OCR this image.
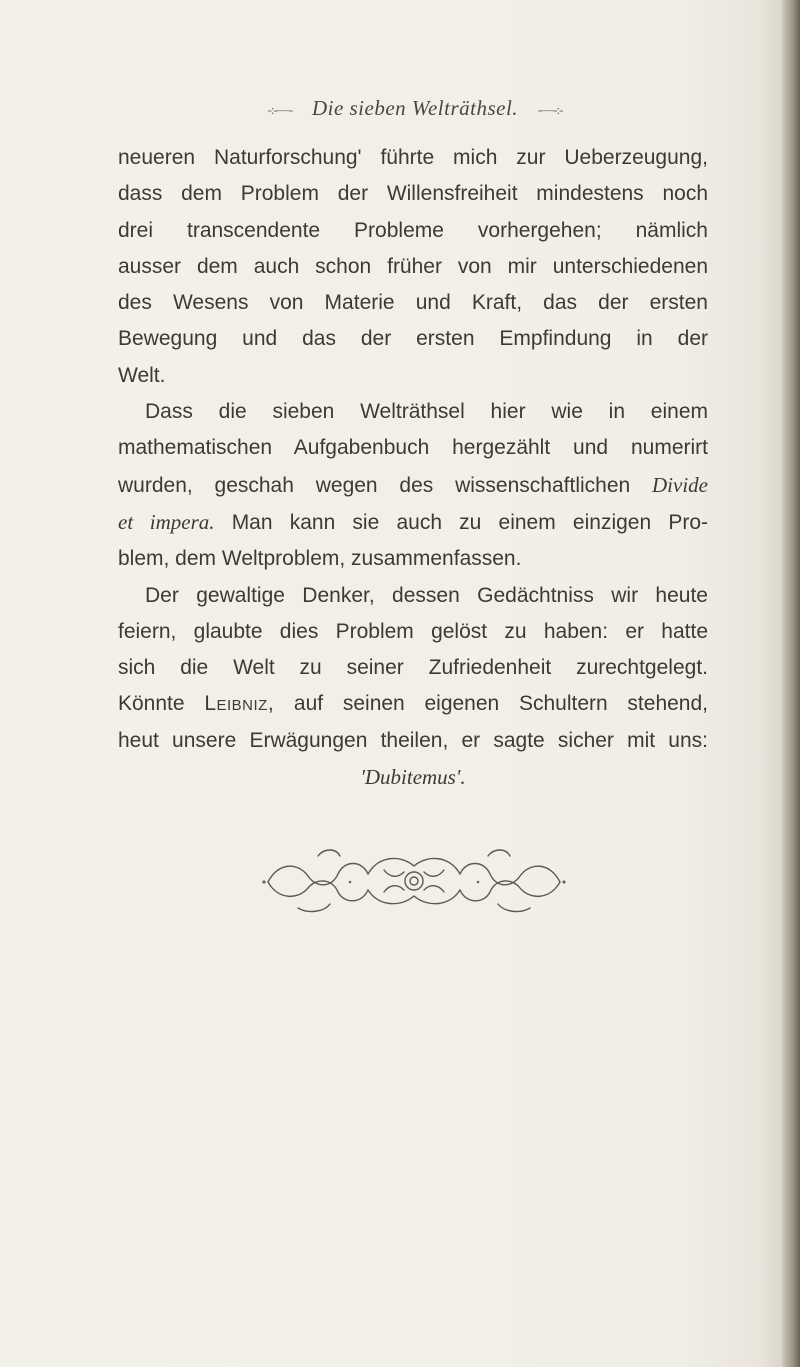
-:-—- Die sieben Welträthsel. -—-:-
neueren Naturforschung' führte mich zur Ueberzeugung,
dass dem Problem der Willensfreiheit mindestens noch
drei transcendente Probleme vorhergehen; nämlich
ausser dem auch schon früher von mir unterschiedenen
des Wesens von Materie und Kraft, das der ersten
Bewegung und das der ersten Empfindung in der
Welt.
Dass die sieben Welträthsel hier wie in einem
mathematischen Aufgabenbuch hergezählt und numerirt
wurden, geschah wegen des wissenschaftlichen Divide
et impera. Man kann sie auch zu einem einzigen Pro-
blem, dem Weltproblem, zusammenfassen.
Der gewaltige Denker, dessen Gedächtniss wir heute
feiern, glaubte dies Problem gelöst zu haben: er hatte
sich die Welt zu seiner Zufriedenheit zurechtgelegt.
Könnte Leibniz, auf seinen eigenen Schultern stehend,
heut unsere Erwägungen theilen, er sagte sicher mit uns:
'Dubitemus'.
